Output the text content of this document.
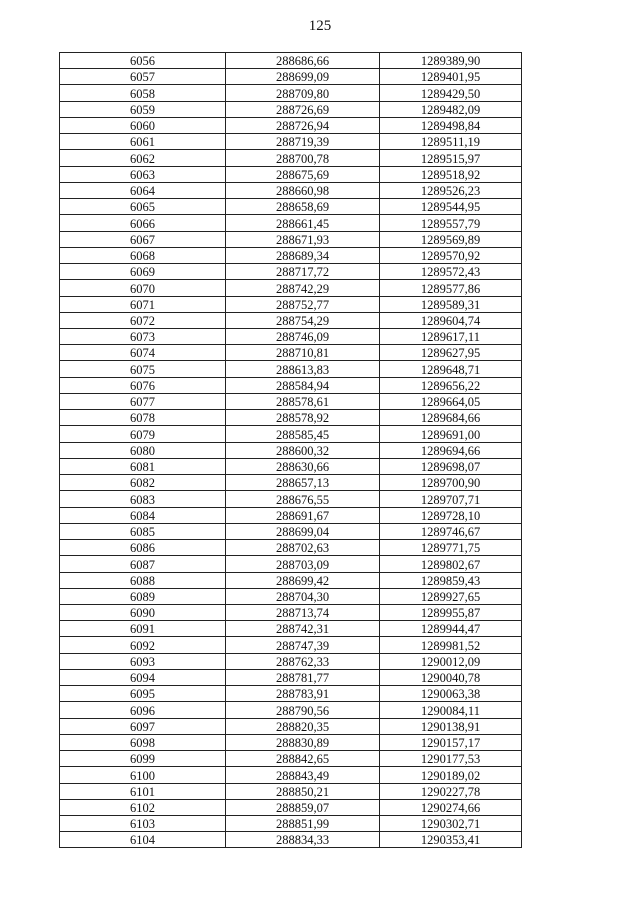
125
6056	288686,66	1289389,90
6057	288699,09	1289401,95
6058	288709,80	1289429,50
6059	288726,69	1289482,09
6060	288726,94	1289498,84
6061	288719,39	1289511,19
6062	288700,78	1289515,97
6063	288675,69	1289518,92
6064	288660,98	1289526,23
6065	288658,69	1289544,95
6066	288661,45	1289557,79
6067	288671,93	1289569,89
6068	288689,34	1289570,92
6069	288717,72	1289572,43
6070	288742,29	1289577,86
6071	288752,77	1289589,31
6072	288754,29	1289604,74
6073	288746,09	1289617,11
6074	288710,81	1289627,95
6075	288613,83	1289648,71
6076	288584,94	1289656,22
6077	288578,61	1289664,05
6078	288578,92	1289684,66
6079	288585,45	1289691,00
6080	288600,32	1289694,66
6081	288630,66	1289698,07
6082	288657,13	1289700,90
6083	288676,55	1289707,71
6084	288691,67	1289728,10
6085	288699,04	1289746,67
6086	288702,63	1289771,75
6087	288703,09	1289802,67
6088	288699,42	1289859,43
6089	288704,30	1289927,65
6090	288713,74	1289955,87
6091	288742,31	1289944,47
6092	288747,39	1289981,52
6093	288762,33	1290012,09
6094	288781,77	1290040,78
6095	288783,91	1290063,38
6096	288790,56	1290084,11
6097	288820,35	1290138,91
6098	288830,89	1290157,17
6099	288842,65	1290177,53
6100	288843,49	1290189,02
6101	288850,21	1290227,78
6102	288859,07	1290274,66
6103	288851,99	1290302,71
6104	288834,33	1290353,41
